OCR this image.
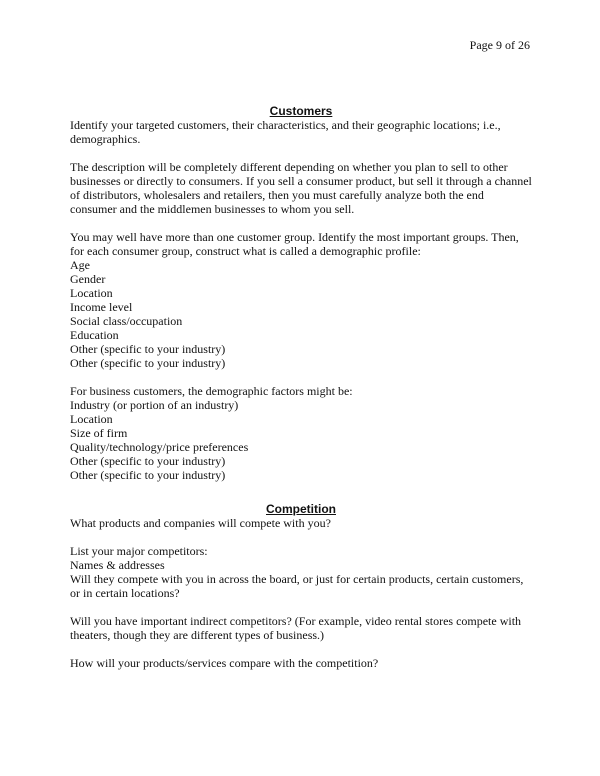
Page 9 of 26
Customers

Identify your targeted customers, their characteristics, and their geographic locations; i.e., demographics.

The description will be completely different depending on whether you plan to sell to other businesses or directly to consumers. If you sell a consumer product, but sell it through a channel of distributors, wholesalers and retailers, then you must carefully analyze both the end consumer and the middlemen businesses to whom you sell.

You may well have more than one customer group. Identify the most important groups. Then, for each consumer group, construct what is called a demographic profile:

Age
Gender
Location
Income level
Social class/occupation
Education
Other (specific to your industry)
Other (specific to your industry)

For business customers, the demographic factors might be:

Industry (or portion of an industry)
Location
Size of firm
Quality/technology/price preferences
Other (specific to your industry)
Other (specific to your industry)
Competition

What products and companies will compete with you?

List your major competitors:

Names & addresses

Will they compete with you in across the board, or just for certain products, certain customers, or in certain locations?

Will you have important indirect competitors? (For example, video rental stores compete with theaters, though they are different types of business.)

How will your products/services compare with the competition?
